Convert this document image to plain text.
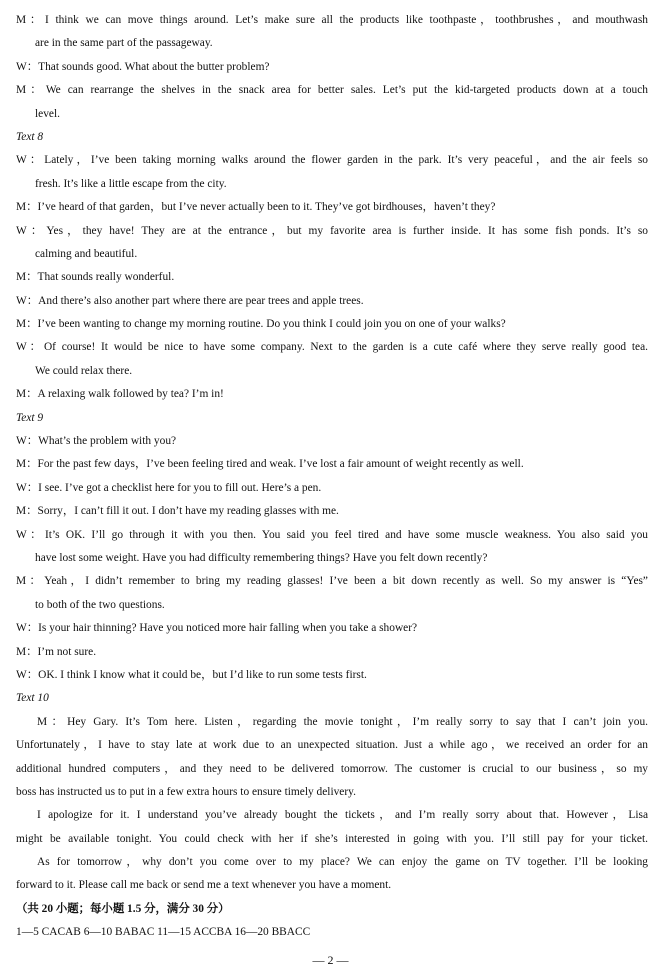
M：I think we can move things around. Let’s make sure all the products like toothpaste，toothbrushes，and mouthwash
are in the same part of the passageway.
W：That sounds good. What about the butter problem?
M：We can rearrange the shelves in the snack area for better sales. Let’s put the kid-targeted products down at a touch
level.
Text 8
W：Lately，I’ve been taking morning walks around the flower garden in the park. It’s very peaceful，and the air feels so
fresh. It’s like a little escape from the city.
M：I’ve heard of that garden，but I’ve never actually been to it. They’ve got birdhouses，haven’t they?
W：Yes，they have! They are at the entrance，but my favorite area is further inside. It has some fish ponds. It’s so
calming and beautiful.
M：That sounds really wonderful.
W：And there’s also another part where there are pear trees and apple trees.
M：I’ve been wanting to change my morning routine. Do you think I could join you on one of your walks?
W：Of course! It would be nice to have some company. Next to the garden is a cute café where they serve really good tea.
We could relax there.
M：A relaxing walk followed by tea? I’m in!
Text 9
W：What’s the problem with you?
M：For the past few days，I’ve been feeling tired and weak. I’ve lost a fair amount of weight recently as well.
W：I see. I’ve got a checklist here for you to fill out. Here’s a pen.
M：Sorry，I can’t fill it out. I don’t have my reading glasses with me.
W：It’s OK. I’ll go through it with you then. You said you feel tired and have some muscle weakness. You also said you
have lost some weight. Have you had difficulty remembering things? Have you felt down recently?
M：Yeah，I didn’t remember to bring my reading glasses! I’ve been a bit down recently as well. So my answer is “Yes”
to both of the two questions.
W：Is your hair thinning? Have you noticed more hair falling when you take a shower?
M：I’m not sure.
W：OK. I think I know what it could be，but I’d like to run some tests first.
Text 10
M：Hey Gary. It’s Tom here. Listen，regarding the movie tonight，I’m really sorry to say that I can’t join you.
Unfortunately，I have to stay late at work due to an unexpected situation. Just a while ago，we received an order for an
additional hundred computers，and they need to be delivered tomorrow. The customer is crucial to our business，so my
boss has instructed us to put in a few extra hours to ensure timely delivery.
I apologize for it. I understand you’ve already bought the tickets，and I’m really sorry about that. However，Lisa
might be available tonight. You could check with her if she’s interested in going with you. I’ll still pay for your ticket.
As for tomorrow，why don’t you come over to my place? We can enjoy the game on TV together. I’ll be looking
forward to it. Please call me back or send me a text whenever you have a moment.
（共 20 小题；每小题 1.5 分，满分 30 分）
1—5 CACAB 6—10 BABAC 11—15 ACCBA 16—20 BBACC
— 2 —
